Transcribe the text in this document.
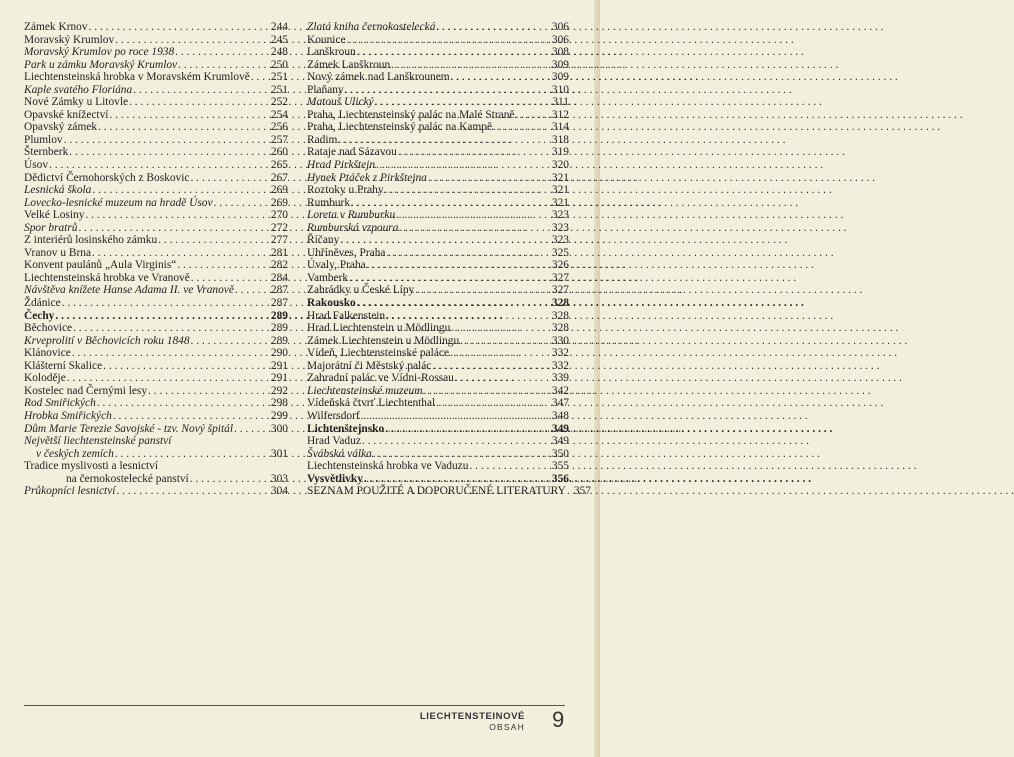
Zámek Krnov . . .	244
Moravský Krumlov . . .	245
Moravský Krumlov po roce 1938 . . .	248
Park u zámku Moravský Krumlov . . .	250
Liechtensteinská hrobka v Moravském Krumlově . . . 251
Kaple svatého Floriána . . .	251
Nové Zámky u Litovle . . .	252
Opavské knížectví . . .	254
Opavský zámek . . .	256
Plumlov . . .	257
Šternberk . . .	260
Úsov . . .	265
Dědictví Černohorských z Boskovic . . .	267
Lesnická škola . . .	269
Lovecko-lesnické muzeum na hradě Úsov . . .	269
Velké Losiny . . .	270
Spor bratrů . . .	272
Z interiérů losinského zámku . . .	277
Vranov u Brna . . .	281
Konvent paulánů „Aula Virginis“ . . .	282
Liechtensteinská hrobka ve Vranově . . .	284
Návštěva knížete Hanse Adama II. ve Vranově . . .	287
Ždánice . . .	287
Čechy . . .	289
Běchovice . . .	289
Krveprolití v Běchovicích roku 1848 . . .	289
Klánovice . . .	290
Klášterní Skalice . . .	291
Koloděje . . .	291
Kostelec nad Černými lesy . . .	292
Rod Smiřických . . .	298
Hrobka Smiřických . . .	299
Dům Marie Terezie Savojské - tzv. Nový špitál . . .	300
Největší liechtensteinské panství
v českých zemích . . .	301
Tradice myslivosti a lesnictví
na černokostelecké panství . . .	303
Průkopníci lesnictví . . .	304
Zlatá kniha černokostelecká . . .	306
Kounice . . .	306
Lanškroun . . .	308
Zámek Lanškroun . . .	309
Nový zámek nad Lanškrounem . . .	309
Plaňany . . .	310
Matouš Ulický . . .	311
Praha, Liechtensteinský palác na Malé Straně . . .	312
Praha, Liechtensteinský palác na Kampě . . .	314
Radim . . .	318
Rataje nad Sázavou . . .	319
Hrad Pirkštejn . . .	320
Hynek Ptáček z Pirkštejna . . .	321
Roztoky u Prahy . . .	321
Rumburk . . .	321
Loreta v Rumburku . . .	323
Rumburská vzpoura . . .	323
Říčany . . .	323
Uhříněves, Praha . . .	325
Úvaly, Praha . . .	326
Vamberk . . .	327
Zahrádky u České Lípy . . .	327
Rakousko . . .	328
Hrad Falkenstein . . .	328
Hrad Liechtenstein u Mödlingu . . .	328
Zámek Liechtenstein u Mödlingu . . .	330
Vídeň, Liechtensteinské paláce . . .	332
Majorátní či Městský palác . . .	332
Zahradní palác ve Vídni-Rossau . . .	339
Liechtensteinské muzeum . . .	342
Vídeňská čtvrť Liechtenthal . . .	347
Wilfersdorf . . .	348
Lichtenštejnsko . . .	349
Hrad Vaduz . . .	349
Švábská válka . . .	350
Liechtensteinská hrobka ve Vaduzu . . .	355
Vysvětlivky . . .	356
SEZNAM POUŽITÉ A DOPORUČENÉ LITERATURY . . . 357
LIECHTENSTEINOVÉ
OBSAH 9
